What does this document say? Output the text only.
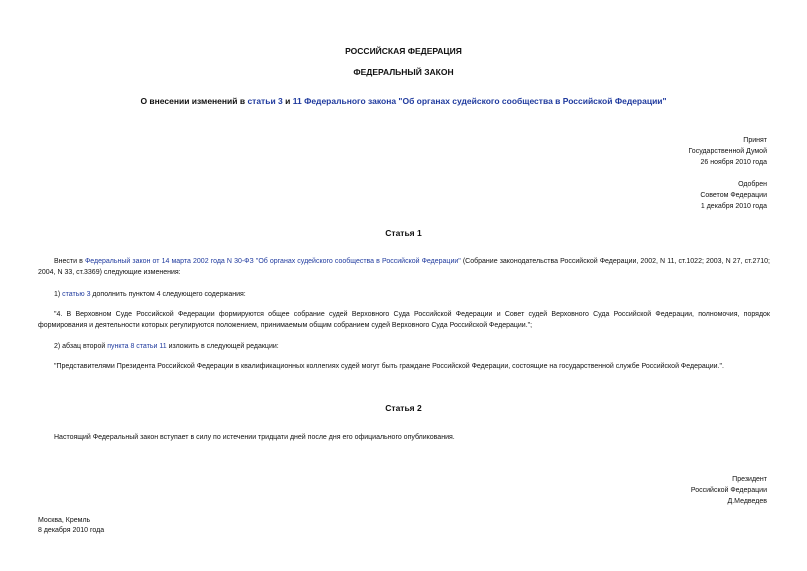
РОССИЙСКАЯ ФЕДЕРАЦИЯ
ФЕДЕРАЛЬНЫЙ ЗАКОН
О внесении изменений в статьи 3 и 11 Федерального закона "Об органах судейского сообщества в Российской Федерации"
Принят
Государственной Думой
26 ноября 2010 года
Одобрен
Советом Федерации
1 декабря 2010 года
Статья 1
Внести в Федеральный закон от 14 марта 2002 года N 30-ФЗ "Об органах судейского сообщества в Российской Федерации" (Собрание законодательства Российской Федерации, 2002, N 11, ст.1022; 2003, N 27, ст.2710; 2004, N 33, ст.3369) следующие изменения:
1) статью 3 дополнить пунктом 4 следующего содержания:
"4. В Верховном Суде Российской Федерации формируются общее собрание судей Верховного Суда Российской Федерации и Совет судей Верховного Суда Российской Федерации, полномочия, порядок формирования и деятельности которых регулируются положением, принимаемым общим собранием судей Верховного Суда Российской Федерации.";
2) абзац второй пункта 8 статьи 11 изложить в следующей редакции:
"Представителями Президента Российской Федерации в квалификационных коллегиях судей могут быть граждане Российской Федерации, состоящие на государственной службе Российской Федерации.".
Статья 2
Настоящий Федеральный закон вступает в силу по истечении тридцати дней после дня его официального опубликования.
Президент
Российской Федерации
Д.Медведев
Москва, Кремль
8 декабря 2010 года
